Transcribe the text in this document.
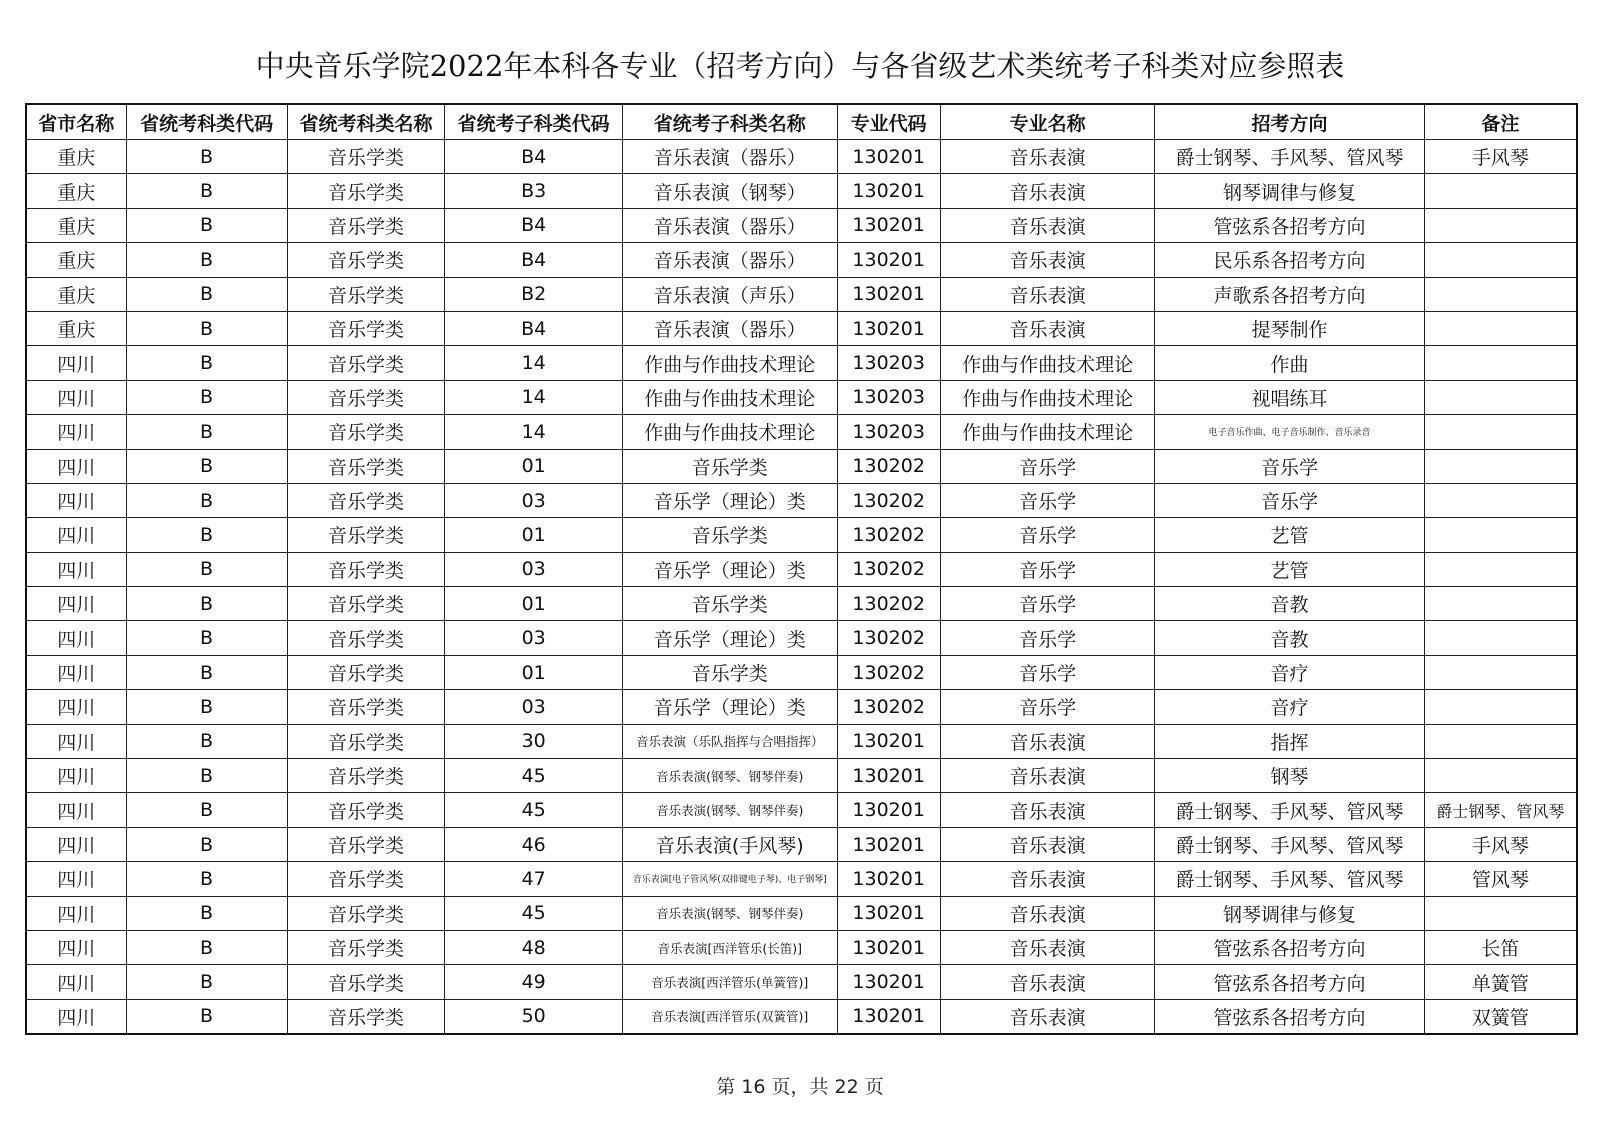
中央音乐学院2022年本科各专业（招考方向）与各省级艺术类统考子科类对应参照表
省市名称	省统考科类代码	省统考科类名称	省统考子科类代码	省统考子科类名称	专业代码	专业名称	招考方向	备注
重庆	B	音乐学类	B4	音乐表演（器乐）	130201	音乐表演	爵士钢琴、手风琴、管风琴	手风琴
重庆	B	音乐学类	B3	音乐表演（钢琴）	130201	音乐表演	钢琴调律与修复	
重庆	B	音乐学类	B4	音乐表演（器乐）	130201	音乐表演	管弦系各招考方向	
重庆	B	音乐学类	B4	音乐表演（器乐）	130201	音乐表演	民乐系各招考方向	
重庆	B	音乐学类	B2	音乐表演（声乐）	130201	音乐表演	声歌系各招考方向	
重庆	B	音乐学类	B4	音乐表演（器乐）	130201	音乐表演	提琴制作	
四川	B	音乐学类	14	作曲与作曲技术理论	130203	作曲与作曲技术理论	作曲	
四川	B	音乐学类	14	作曲与作曲技术理论	130203	作曲与作曲技术理论	视唱练耳	
四川	B	音乐学类	14	作曲与作曲技术理论	130203	作曲与作曲技术理论	电子音乐作曲、电子音乐制作、音乐录音	
四川	B	音乐学类	01	音乐学类	130202	音乐学	音乐学	
四川	B	音乐学类	03	音乐学（理论）类	130202	音乐学	音乐学	
四川	B	音乐学类	01	音乐学类	130202	音乐学	艺管	
四川	B	音乐学类	03	音乐学（理论）类	130202	音乐学	艺管	
四川	B	音乐学类	01	音乐学类	130202	音乐学	音教	
四川	B	音乐学类	03	音乐学（理论）类	130202	音乐学	音教	
四川	B	音乐学类	01	音乐学类	130202	音乐学	音疗	
四川	B	音乐学类	03	音乐学（理论）类	130202	音乐学	音疗	
四川	B	音乐学类	30	音乐表演（乐队指挥与合唱指挥）	130201	音乐表演	指挥	
四川	B	音乐学类	45	音乐表演(钢琴、钢琴伴奏)	130201	音乐表演	钢琴	
四川	B	音乐学类	45	音乐表演(钢琴、钢琴伴奏)	130201	音乐表演	爵士钢琴、手风琴、管风琴	爵士钢琴、管风琴
四川	B	音乐学类	46	音乐表演(手风琴)	130201	音乐表演	爵士钢琴、手风琴、管风琴	手风琴
四川	B	音乐学类	47	音乐表演[电子管风琴(双排键电子琴)、电子钢琴]	130201	音乐表演	爵士钢琴、手风琴、管风琴	管风琴
四川	B	音乐学类	45	音乐表演(钢琴、钢琴伴奏)	130201	音乐表演	钢琴调律与修复	
四川	B	音乐学类	48	音乐表演[西洋管乐(长笛)]	130201	音乐表演	管弦系各招考方向	长笛
四川	B	音乐学类	49	音乐表演[西洋管乐(单簧管)]	130201	音乐表演	管弦系各招考方向	单簧管
四川	B	音乐学类	50	音乐表演[西洋管乐(双簧管)]	130201	音乐表演	管弦系各招考方向	双簧管
第 16 页，共 22 页
